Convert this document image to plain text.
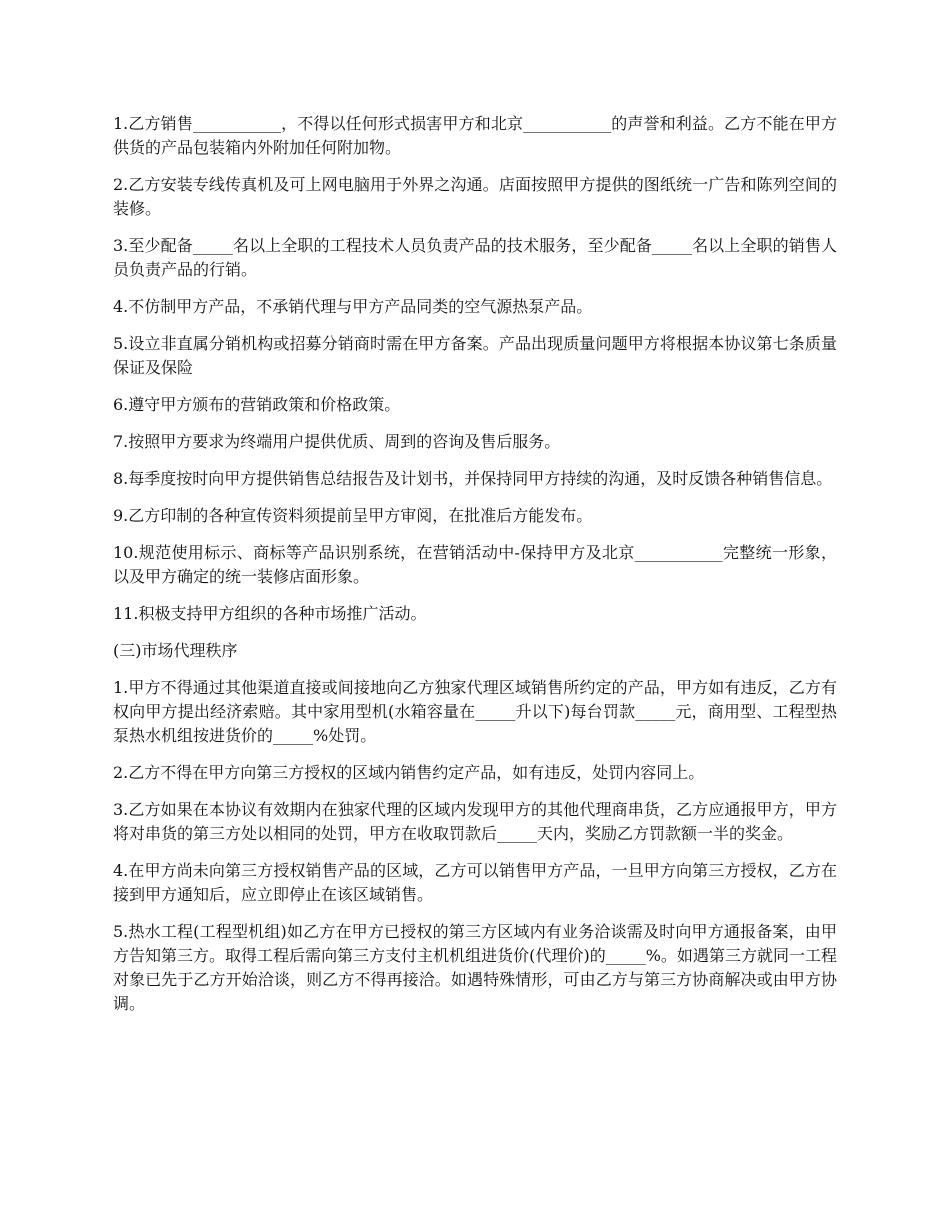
1.乙方销售___________，不得以任何形式损害甲方和北京___________的声誉和利益。乙方不能在甲方供货的产品包装箱内外附加任何附加物。

2.乙方安装专线传真机及可上网电脑用于外界之沟通。店面按照甲方提供的图纸统一广告和陈列空间的装修。

3.至少配备_____名以上全职的工程技术人员负责产品的技术服务，至少配备_____名以上全职的销售人员负责产品的行销。

4.不仿制甲方产品，不承销代理与甲方产品同类的空气源热泵产品。

5.设立非直属分销机构或招募分销商时需在甲方备案。产品出现质量问题甲方将根据本协议第七条质量保证及保险

6.遵守甲方颁布的营销政策和价格政策。

7.按照甲方要求为终端用户提供优质、周到的咨询及售后服务。

8.每季度按时向甲方提供销售总结报告及计划书，并保持同甲方持续的沟通，及时反馈各种销售信息。

9.乙方印制的各种宣传资料须提前呈甲方审阅，在批准后方能发布。

10.规范使用标示、商标等产品识别系统，在营销活动中-保持甲方及北京___________完整统一形象，以及甲方确定的统一装修店面形象。

11.积极支持甲方组织的各种市场推广活动。

(三)市场代理秩序

1.甲方不得通过其他渠道直接或间接地向乙方独家代理区域销售所约定的产品，甲方如有违反，乙方有权向甲方提出经济索赔。其中家用型机(水箱容量在_____升以下)每台罚款_____元，商用型、工程型热泵热水机组按进货价的_____%处罚。

2.乙方不得在甲方向第三方授权的区域内销售约定产品，如有违反，处罚内容同上。

3.乙方如果在本协议有效期内在独家代理的区域内发现甲方的其他代理商串货，乙方应通报甲方，甲方将对串货的第三方处以相同的处罚，甲方在收取罚款后_____天内，奖励乙方罚款额一半的奖金。

4.在甲方尚未向第三方授权销售产品的区域，乙方可以销售甲方产品，一旦甲方向第三方授权，乙方在接到甲方通知后，应立即停止在该区域销售。

5.热水工程(工程型机组)如乙方在甲方已授权的第三方区域内有业务洽谈需及时向甲方通报备案，由甲方告知第三方。取得工程后需向第三方支付主机机组进货价(代理价)的_____%。如遇第三方就同一工程对象已先于乙方开始洽谈，则乙方不得再接洽。如遇特殊情形，可由乙方与第三方协商解决或由甲方协调。
